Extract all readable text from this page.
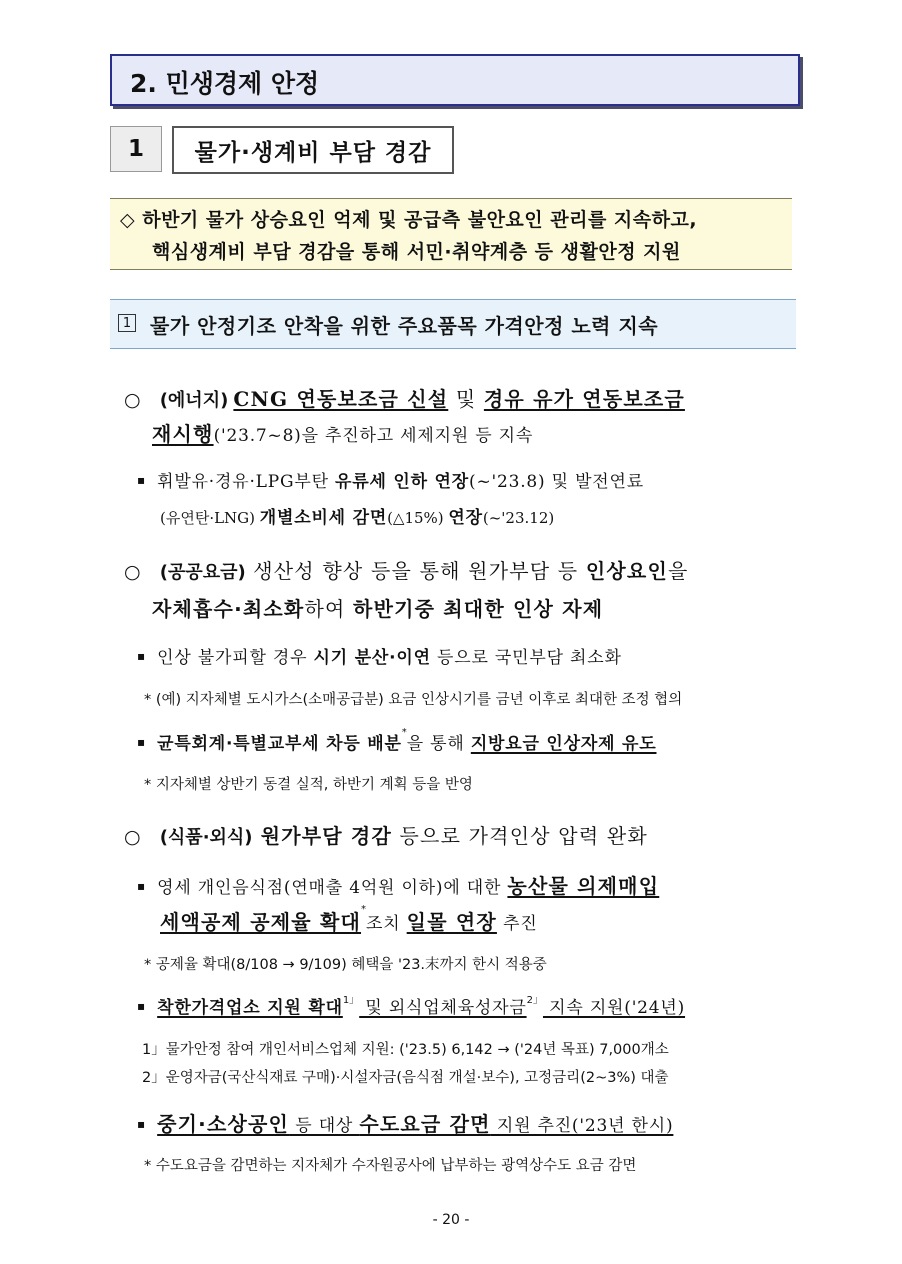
2. 민생경제 안정
1	물가·생계비 부담 경감
◇ 하반기 물가 상승요인 억제 및 공급측 불안요인 관리를 지속하고,
핵심생계비 부담 경감을 통해 서민·취약계층 등 생활안정 지원
1 물가 안정기조 안착을 위한 주요품목 가격안정 노력 지속
○ (에너지) CNG 연동보조금 신설 및 경유 유가 연동보조금
재시행('23.7~8)을 추진하고 세제지원 등 지속
▪ 휘발유·경유·LPG부탄 유류세 인하 연장(~'23.8) 및 발전연료
(유연탄·LNG) 개별소비세 감면(△15%) 연장(~'23.12)
○ (공공요금) 생산성 향상 등을 통해 원가부담 등 인상요인을
자체흡수·최소화하여 하반기중 최대한 인상 자제
▪ 인상 불가피할 경우 시기 분산·이연 등으로 국민부담 최소화
* (예) 지자체별 도시가스(소매공급분) 요금 인상시기를 금년 이후로 최대한 조정 협의
▪ 균특회계·특별교부세 차등 배분*을 통해 지방요금 인상자제 유도
* 지자체별 상반기 동결 실적, 하반기 계획 등을 반영
○ (식품·외식) 원가부담 경감 등으로 가격인상 압력 완화
▪ 영세 개인음식점(연매출 4억원 이하)에 대한 농산물 의제매입
세액공제 공제율 확대*조치 일몰 연장 추진
* 공제율 확대(8/108 → 9/109) 혜택을 '23.末까지 한시 적용중
▪ 착한가격업소 지원 확대$^{1」}$ 및 외식업체육성자금$^{2」}$ 지속 지원('24년)
1」물가안정 참여 개인서비스업체 지원: ('23.5) 6,142 → ('24년 목표) 7,000개소
2」운영자금(국산식재료 구매)·시설자금(음식점 개설·보수), 고정금리(2~3%) 대출
▪ 중기·소상공인 등 대상 수도요금 감면 지원 추진('23년 한시)
* 수도요금을 감면하는 지자체가 수자원공사에 납부하는 광역상수도 요금 감면
- 20 -
